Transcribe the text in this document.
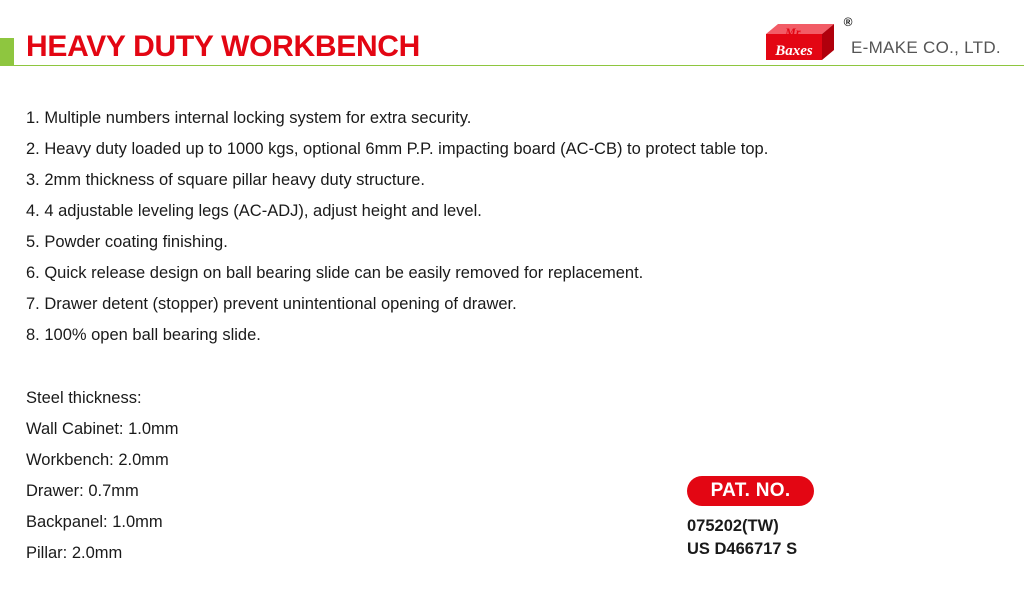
HEAVY DUTY WORKBENCH	Mr.
Baxes
®
E-MAKE CO., LTD.
1. Multiple numbers internal locking system for extra security.
2. Heavy duty loaded up to 1000 kgs, optional 6mm P.P. impacting board (AC-CB) to protect table top.
3. 2mm thickness of square pillar heavy duty structure.
4. 4 adjustable leveling legs (AC-ADJ), adjust height and level.
5. Powder coating finishing.
6. Quick release design on ball bearing slide can be easily removed for replacement.
7. Drawer detent (stopper) prevent unintentional opening of drawer.
8. 100% open ball bearing slide.
Steel thickness:
Wall Cabinet: 1.0mm
Workbench: 2.0mm
Drawer: 0.7mm
Backpanel: 1.0mm
Pillar: 2.0mm
PAT. NO.
075202(TW)
US D466717 S
